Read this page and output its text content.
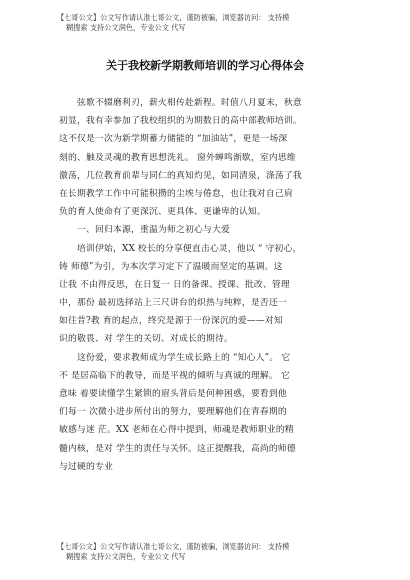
【七哥公文】公文写作请认准七哥公文，谨防被骗，浏览器访问： 支持模
糊搜索 支持公文润色，专业公文 代写
关于我校新学期教师培训的学习心得体会
弦歌不辍磨利刃，薪火相传赴新程。时值八月夏末，秋意
初显，我有幸参加了我校组织的为期数日的高中部教师培训。
这不仅是一次为新学期蓄力储能的 “加油站”，更是一场深
刻的、触及灵魂的教育思想洗礼。 窗外蝉鸣渐歇，室内思维
激荡，几位教育前辈与同仁的真知灼见，如同清泉，涤荡了我
在长期教学工作中可能积攒的尘埃与倦怠，也让我对自己肩
负的育人使命有了更深沉、更具体、更谦卑的认知。
一、回归本源，重温为师之初心与大爱
培训伊始，XX 校长的分享便直击心灵，他以 “ 守初心，
铸 师德”为引，为本次学习定下了温暖而坚定的基调。这
让我 不由得反思，在日复一 日的备课、授课、批改、管理
中，那份 最初选择站上三尺讲台的炽热与纯粹，是否还一
如往昔?教 育的起点，终究是源于一份深沉的爱——对知
识的敬畏、对 学生的关切、对成长的期待。
这份爱，要求教师成为学生成长路上的 “知心人”。 它
不 是居高临下的教导，而是平视的倾听与真诚的理解。 它
意味 着要读懂学生紧锁的眉头背后是何种困惑，要看到他
们每一 次微小进步所付出的努力，要理解他们在青春期的
敏感与迷 茫。XX 老师在心得中提到，师魂是教师职业的精
髓内核，是对 学生的责任与关怀。这正提醒我，高尚的师德
与过硬的专业
【七哥公文】公文写作请认准七哥公文，谨防被骗，浏览器访问： 支持模
糊搜索 支持公文润色，专业公文 代写
